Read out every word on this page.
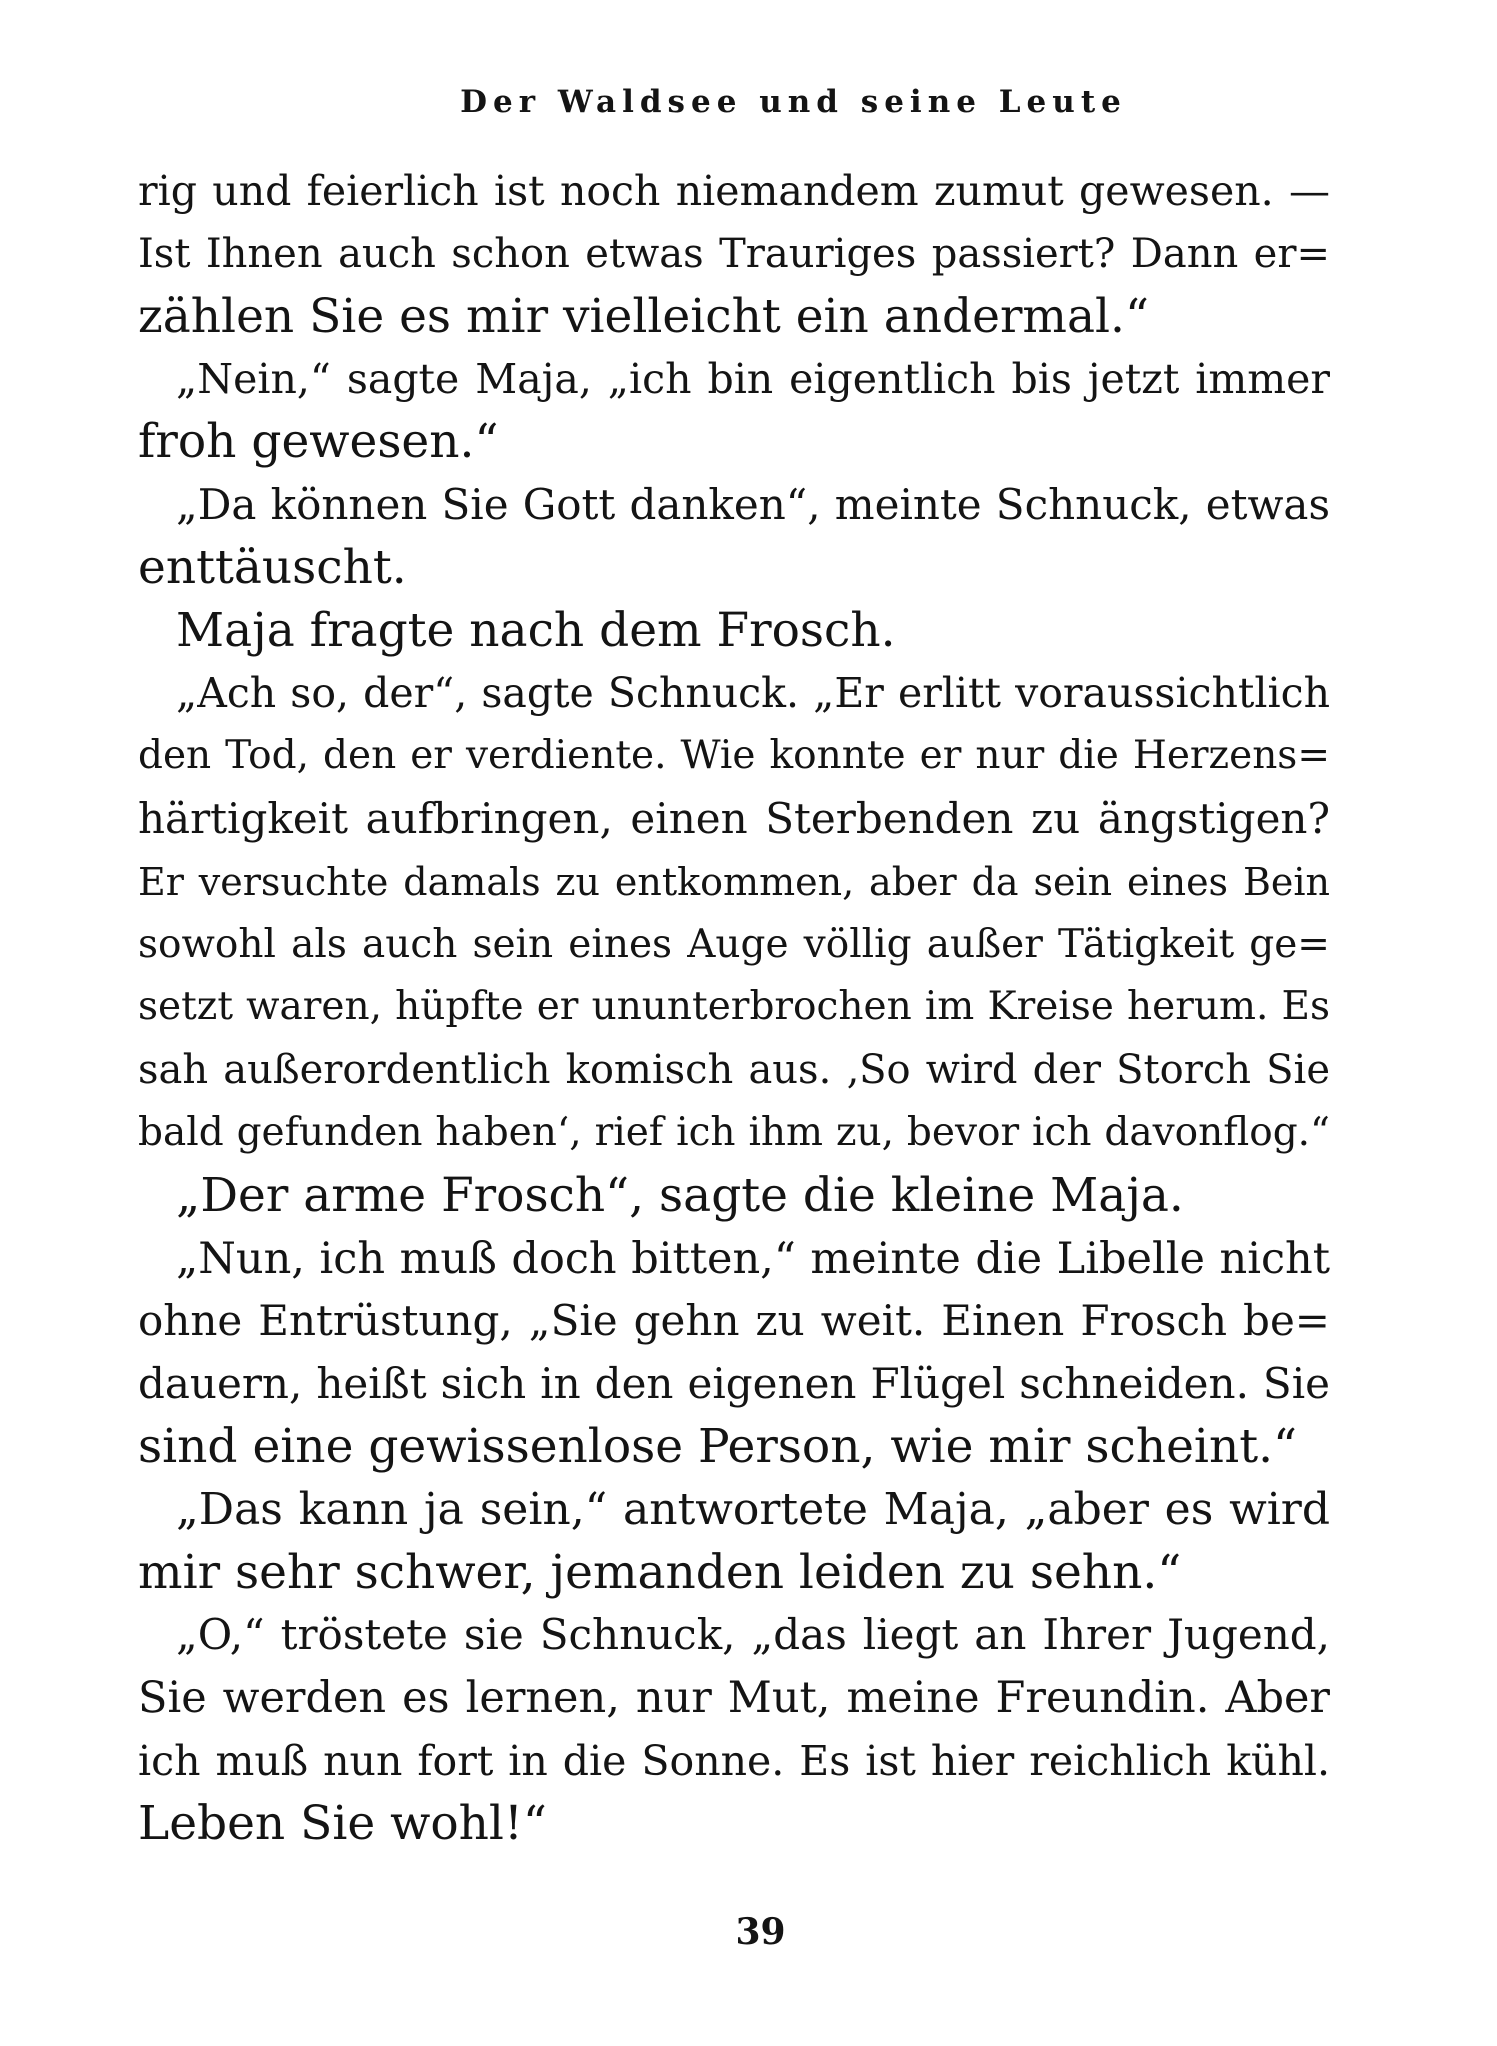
Der Waldsee und seine Leute
rig und feierlich ist noch niemandem zumut gewesen. —
Ist Ihnen auch schon etwas Trauriges passiert? Dann er=
zählen Sie es mir vielleicht ein andermal.“
„Nein,“ sagte Maja, „ich bin eigentlich bis jetzt immer
froh gewesen.“
„Da können Sie Gott danken“, meinte Schnuck, etwas
enttäuscht.
Maja fragte nach dem Frosch.
„Ach so, der“, sagte Schnuck. „Er erlitt voraussichtlich
den Tod, den er verdiente. Wie konnte er nur die Herzens=
härtigkeit aufbringen, einen Sterbenden zu ängstigen?
Er versuchte damals zu entkommen, aber da sein eines Bein
sowohl als auch sein eines Auge völlig außer Tätigkeit ge=
setzt waren, hüpfte er ununterbrochen im Kreise herum. Es
sah außerordentlich komisch aus. ‚So wird der Storch Sie
bald gefunden haben‘, rief ich ihm zu, bevor ich davonflog.“
„Der arme Frosch“, sagte die kleine Maja.
„Nun, ich muß doch bitten,“ meinte die Libelle nicht
ohne Entrüstung, „Sie gehn zu weit. Einen Frosch be=
dauern, heißt sich in den eigenen Flügel schneiden. Sie
sind eine gewissenlose Person, wie mir scheint.“
„Das kann ja sein,“ antwortete Maja, „aber es wird
mir sehr schwer, jemanden leiden zu sehn.“
„O,“ tröstete sie Schnuck, „das liegt an Ihrer Jugend,
Sie werden es lernen, nur Mut, meine Freundin. Aber
ich muß nun fort in die Sonne. Es ist hier reichlich kühl.
Leben Sie wohl!“
39
